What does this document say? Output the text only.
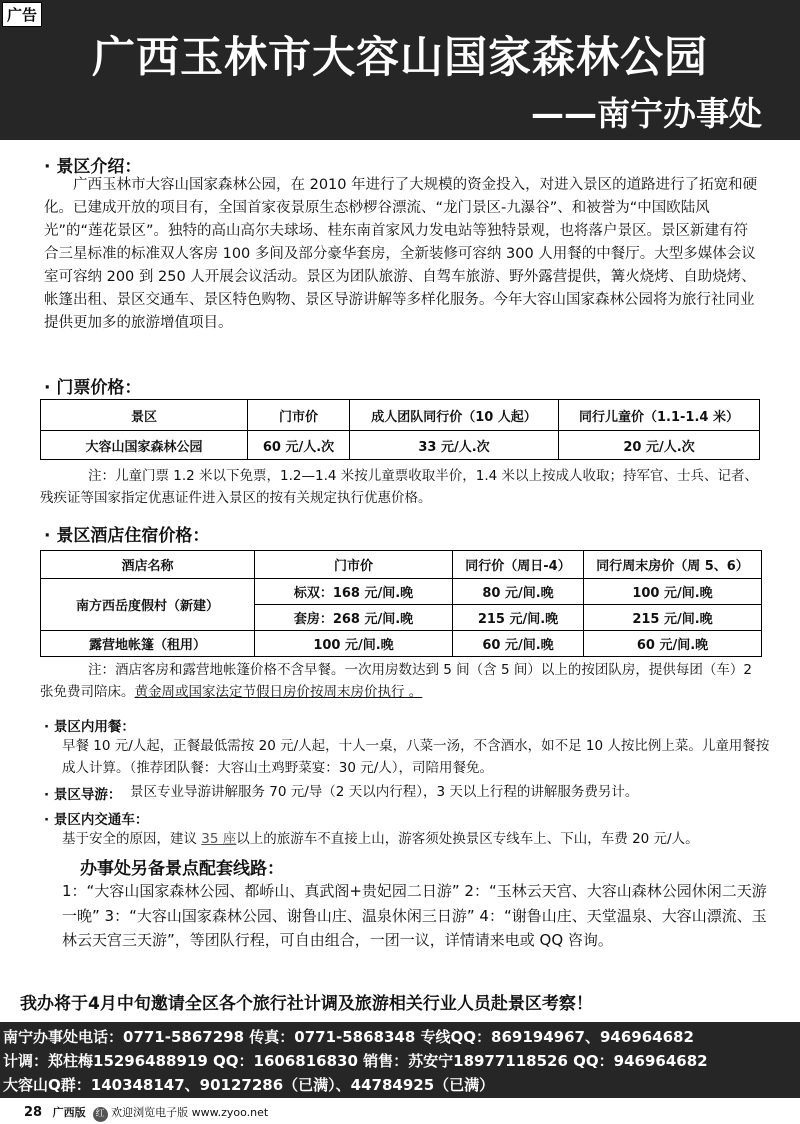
广告
广西玉林市大容山国家森林公园
——南宁办事处
· 景区介绍：
广西玉林市大容山国家森林公园，在 2010 年进行了大规模的资金投入，对进入景区的道路进行了拓宽和硬化。已建成开放的项目有，全国首家夜景原生态桫椤谷漂流、“龙门景区-九瀑谷”、和被誉为“中国欧陆风光”的“莲花景区”。独特的高山高尔夫球场、桂东南首家风力发电站等独特景观，也将落户景区。景区新建有符合三星标准的标准双人客房 100 多间及部分豪华套房，全新装修可容纳 300 人用餐的中餐厅。大型多媒体会议室可容纳 200 到 250 人开展会议活动。景区为团队旅游、自驾车旅游、野外露营提供，篝火烧烤、自助烧烤、帐篷出租、景区交通车、景区特色购物、景区导游讲解等多样化服务。今年大容山国家森林公园将为旅行社同业提供更加多的旅游增值项目。
· 门票价格：
景区	门市价	成人团队同行价（10 人起）	同行儿童价（1.1-1.4 米）
大容山国家森林公园	60 元/人.次	33 元/人.次	20 元/人.次
注：儿童门票 1.2 米以下免票，1.2—1.4 米按儿童票收取半价，1.4 米以上按成人收取；持军官、士兵、记者、残疾证等国家指定优惠证件进入景区的按有关规定执行优惠价格。
· 景区酒店住宿价格：
酒店名称	门市价	同行价（周日-4）	同行周末房价（周 5、6）
南方西岳度假村（新建）	标双：168 元/间.晚	80 元/间.晚	100 元/间.晚
	套房：268 元/间.晚	215 元/间.晚	215 元/间.晚
露营地帐篷（租用）	100 元/间.晚	60 元/间.晚	60 元/间.晚
注：酒店客房和露营地帐篷价格不含早餐。一次用房数达到 5 间（含 5 间）以上的按团队房，提供每团（车）2 张免费司陪床。黄金周或国家法定节假日房价按周末房价执行 。
· 景区内用餐：
早餐 10 元/人起，正餐最低需按 20 元/人起，十人一桌，八菜一汤，不含酒水，如不足 10 人按比例上菜。儿童用餐按成人计算。（推荐团队餐：大容山土鸡野菜宴：30 元/人），司陪用餐免。
· 景区导游： 景区专业导游讲解服务 70 元/导（2 天以内行程），3 天以上行程的讲解服务费另计。
· 景区内交通车：
基于安全的原因，建议 35 座以上的旅游车不直接上山，游客须处换景区专线车上、下山，车费 20 元/人。
办事处另备景点配套线路：
1：“大容山国家森林公园、都峤山、真武阁+贵妃园二日游” 2：“玉林云天宫、大容山森林公园休闲二天游一晚” 3：“大容山国家森林公园、谢鲁山庄、温泉休闲三日游” 4：“谢鲁山庄、天堂温泉、大容山漂流、玉林云天宫三天游”，等团队行程，可自由组合，一团一议，详情请来电或 QQ 咨询。
我办将于4月中旬邀请全区各个旅行社计调及旅游相关行业人员赴景区考察！
南宁办事处电话：0771-5867298 传真：0771-5868348 专线QQ：869194967、946964682
计调：郑柱梅15296488919 QQ：1606816830 销售：苏安宁18977118526 QQ：946964682
大容山Q群：140348147、90127286（已满）、44784925（已满）
28 广西版 红 欢迎浏览电子版 www.zyoo.net
